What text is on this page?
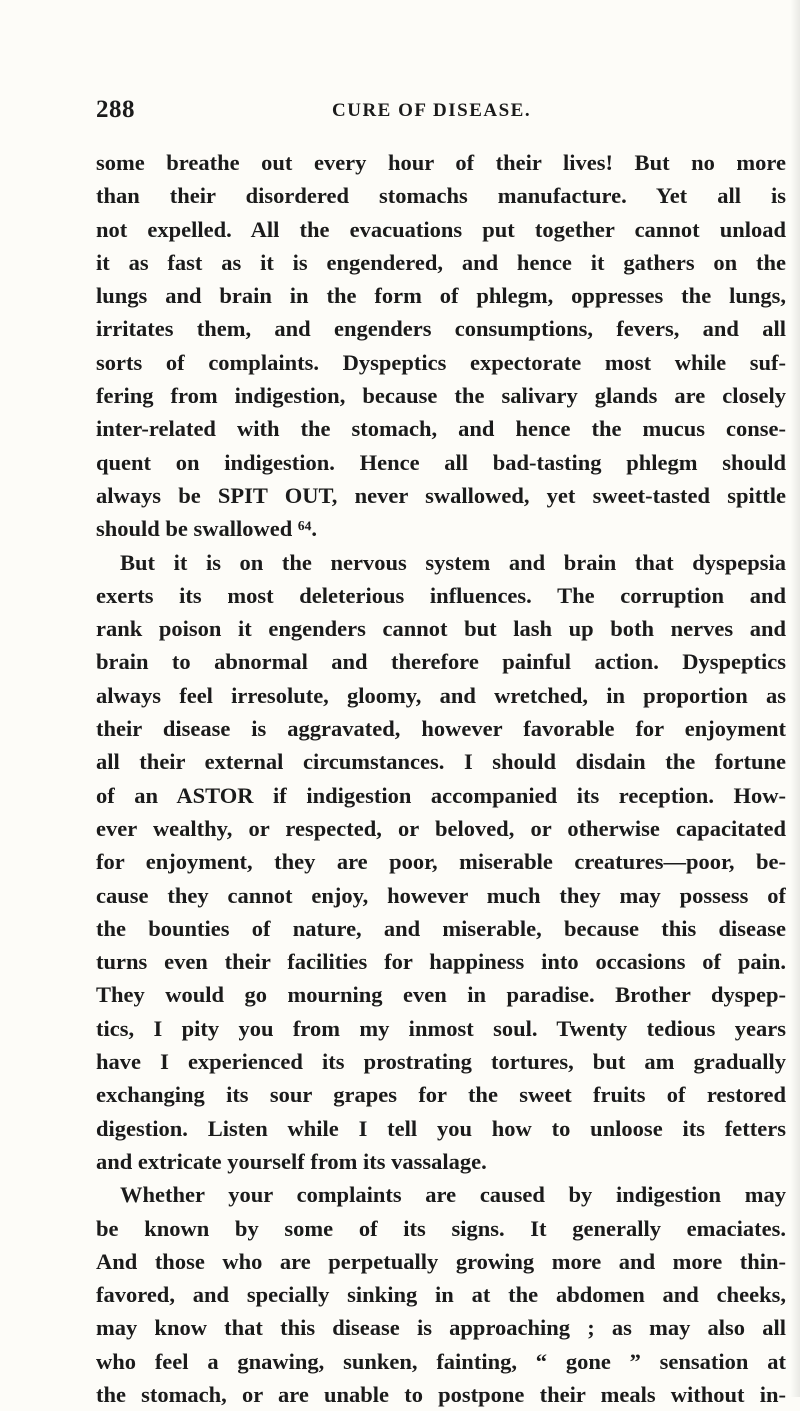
288	CURE OF DISEASE.
some breathe out every hour of their lives! But no more
than their disordered stomachs manufacture. Yet all is
not expelled. All the evacuations put together cannot unload
it as fast as it is engendered, and hence it gathers on the
lungs and brain in the form of phlegm, oppresses the lungs,
irritates them, and engenders consumptions, fevers, and all
sorts of complaints. Dyspeptics expectorate most while suf-
fering from indigestion, because the salivary glands are closely
inter-related with the stomach, and hence the mucus conse-
quent on indigestion. Hence all bad-tasting phlegm should
always be SPIT OUT, never swallowed, yet sweet-tasted spittle
should be swallowed ⁶⁴.
But it is on the nervous system and brain that dyspepsia
exerts its most deleterious influences. The corruption and
rank poison it engenders cannot but lash up both nerves and
brain to abnormal and therefore painful action. Dyspeptics
always feel irresolute, gloomy, and wretched, in proportion as
their disease is aggravated, however favorable for enjoyment
all their external circumstances. I should disdain the fortune
of an ASTOR if indigestion accompanied its reception. How-
ever wealthy, or respected, or beloved, or otherwise capacitated
for enjoyment, they are poor, miserable creatures—poor, be-
cause they cannot enjoy, however much they may possess of
the bounties of nature, and miserable, because this disease
turns even their facilities for happiness into occasions of pain.
They would go mourning even in paradise. Brother dyspep-
tics, I pity you from my inmost soul. Twenty tedious years
have I experienced its prostrating tortures, but am gradually
exchanging its sour grapes for the sweet fruits of restored
digestion. Listen while I tell you how to unloose its fetters
and extricate yourself from its vassalage.
Whether your complaints are caused by indigestion may
be known by some of its signs. It generally emaciates.
And those who are perpetually growing more and more thin-
favored, and specially sinking in at the abdomen and cheeks,
may know that this disease is approaching ; as may also all
who feel a gnawing, sunken, fainting, “ gone ” sensation at
the stomach, or are unable to postpone their meals without in-
